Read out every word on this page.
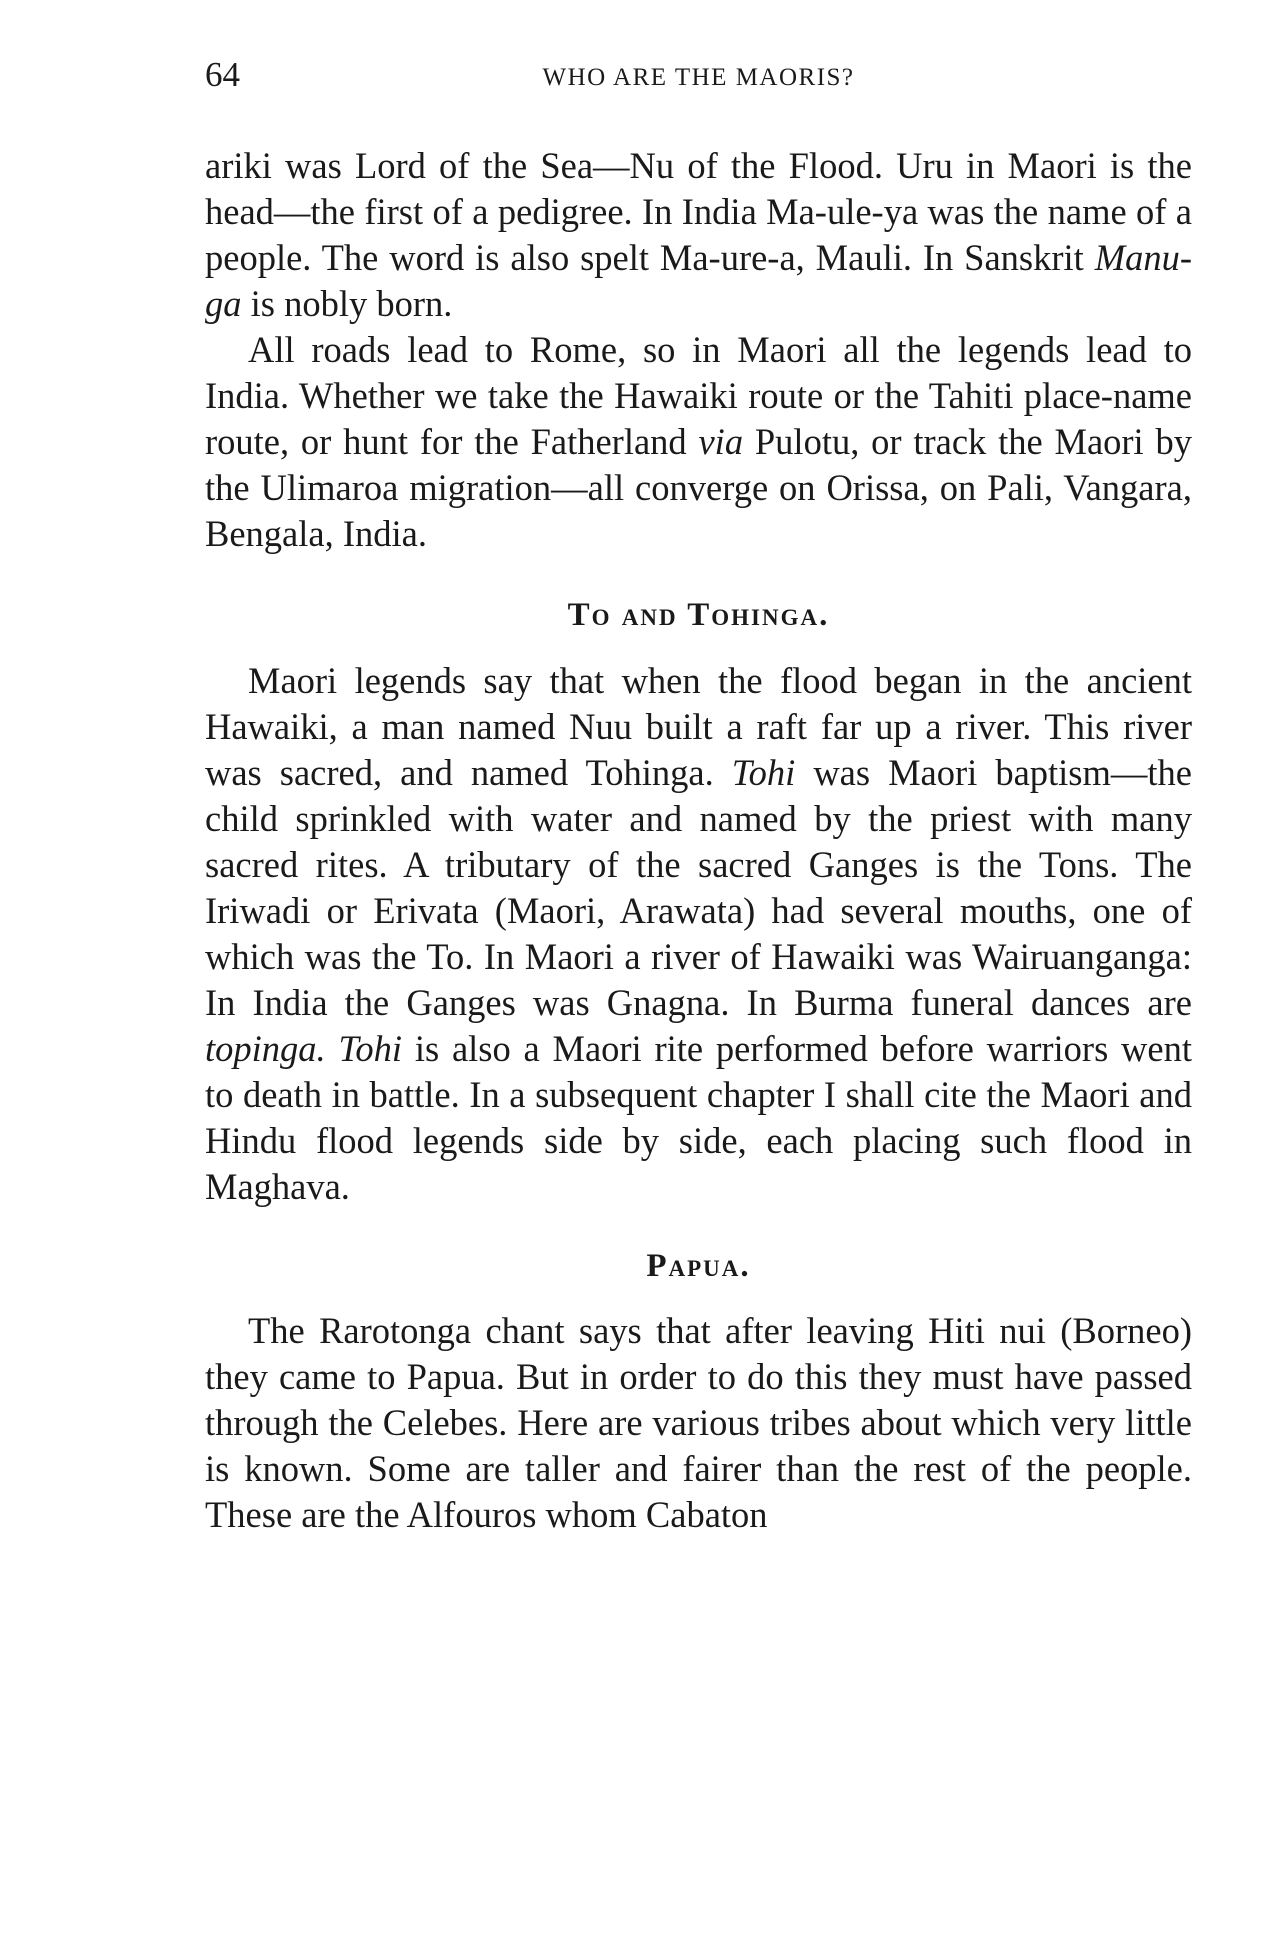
64	WHO ARE THE MAORIS?

ariki was Lord of the Sea—Nu of the Flood. Uru in Maori is the head—the first of a pedigree. In India Ma-ule-ya was the name of a people. The word is also spelt Ma-ure-a, Mauli. In Sanskrit Manu-ga is nobly born.

All roads lead to Rome, so in Maori all the legends lead to India. Whether we take the Hawaiki route or the Tahiti place-name route, or hunt for the Fatherland via Pulotu, or track the Maori by the Ulimaroa migration—all converge on Orissa, on Pali, Vangara, Bengala, India.

To and Tohinga.

Maori legends say that when the flood began in the ancient Hawaiki, a man named Nuu built a raft far up a river. This river was sacred, and named Tohinga. Tohi was Maori baptism—the child sprinkled with water and named by the priest with many sacred rites. A tributary of the sacred Ganges is the Tons. The Iriwadi or Erivata (Maori, Arawata) had several mouths, one of which was the To. In Maori a river of Hawaiki was Wairuanganga: In India the Ganges was Gnagna. In Burma funeral dances are topinga. Tohi is also a Maori rite performed before warriors went to death in battle. In a subsequent chapter I shall cite the Maori and Hindu flood legends side by side, each placing such flood in Maghava.

Papua.

The Rarotonga chant says that after leaving Hiti nui (Borneo) they came to Papua. But in order to do this they must have passed through the Celebes. Here are various tribes about which very little is known. Some are taller and fairer than the rest of the people. These are the Alfouros whom Cabaton
